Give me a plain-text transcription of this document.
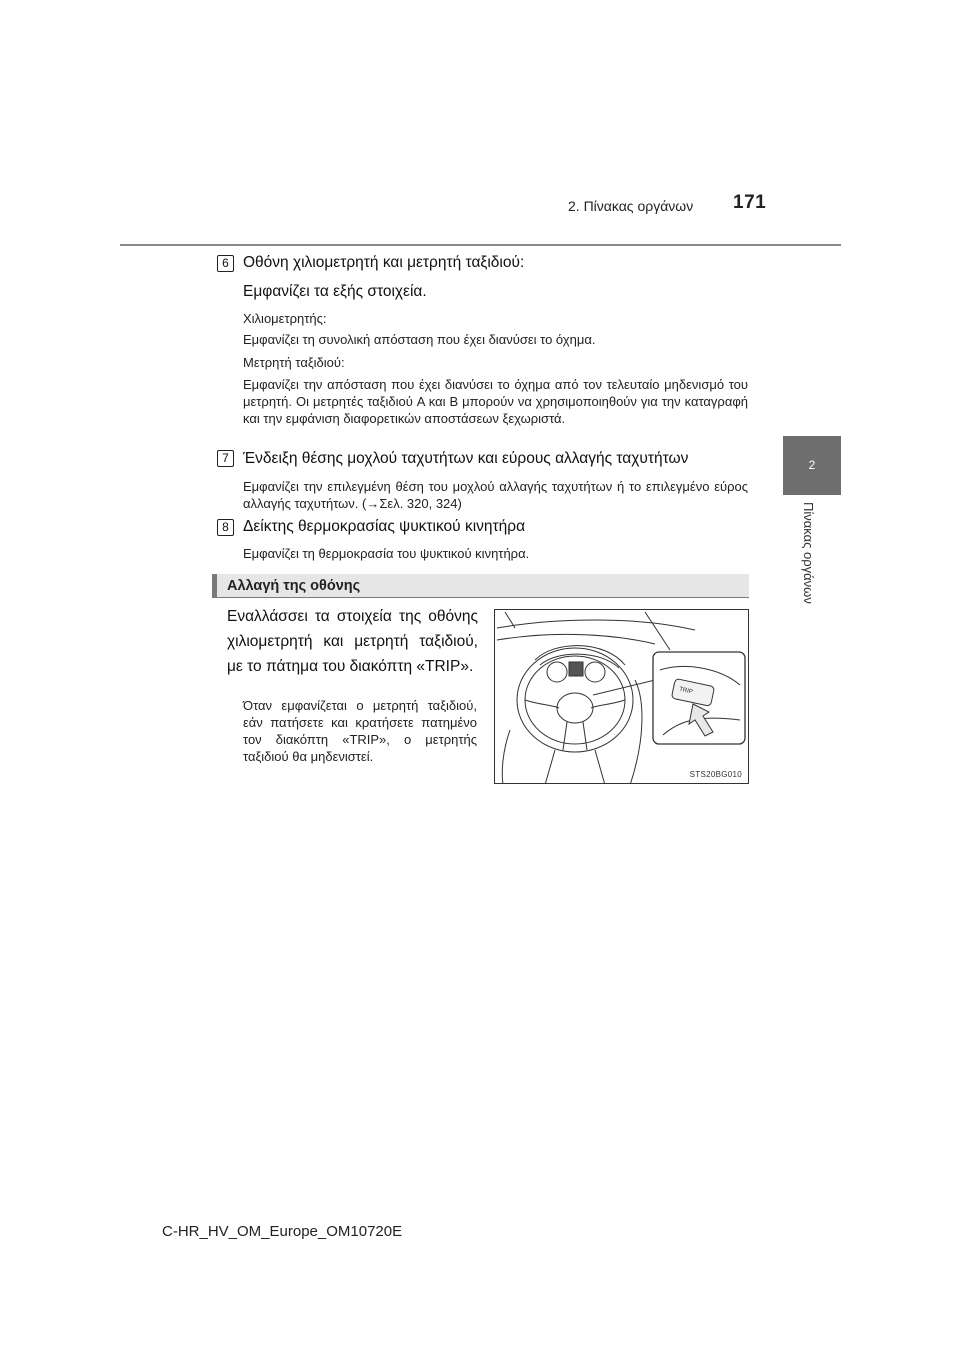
2. Πίνακας οργάνων 171
2
Πίνακας οργάνων
6 Οθόνη χιλιομετρητή και μετρητή ταξιδιού:
Εμφανίζει τα εξής στοιχεία.
Χιλιομετρητής:
Εμφανίζει τη συνολική απόσταση που έχει διανύσει το όχημα.
Μετρητή ταξιδιού:
Εμφανίζει την απόσταση που έχει διανύσει το όχημα από τον τελευταίο μηδενισμό του μετρητή. Οι μετρητές ταξιδιού A και B μπορούν να χρησιμοποιηθούν για την καταγραφή και την εμφάνιση διαφορετικών αποστάσεων ξεχωριστά.
7 Ένδειξη θέσης μοχλού ταχυτήτων και εύρους αλλαγής ταχυτήτων
Εμφανίζει την επιλεγμένη θέση του μοχλού αλλαγής ταχυτήτων ή το επιλεγμένο εύρος αλλαγής ταχυτήτων. (→Σελ. 320, 324)
8 Δείκτης θερμοκρασίας ψυκτικού κινητήρα
Εμφανίζει τη θερμοκρασία του ψυκτικού κινητήρα.
Αλλαγή της οθόνης
Εναλλάσσει τα στοιχεία της οθόνης χιλιομετρητή και μετρητή ταξιδιού, με το πάτημα του διακόπτη «TRIP».
Όταν εμφανίζεται ο μετρητή ταξιδιού, εάν πατήσετε και κρατήσετε πατημένο τον διακόπτη «TRIP», ο μετρητής ταξιδιού θα μηδενιστεί.
TRIP
STS20BG010
C-HR_HV_OM_Europe_OM10720E
